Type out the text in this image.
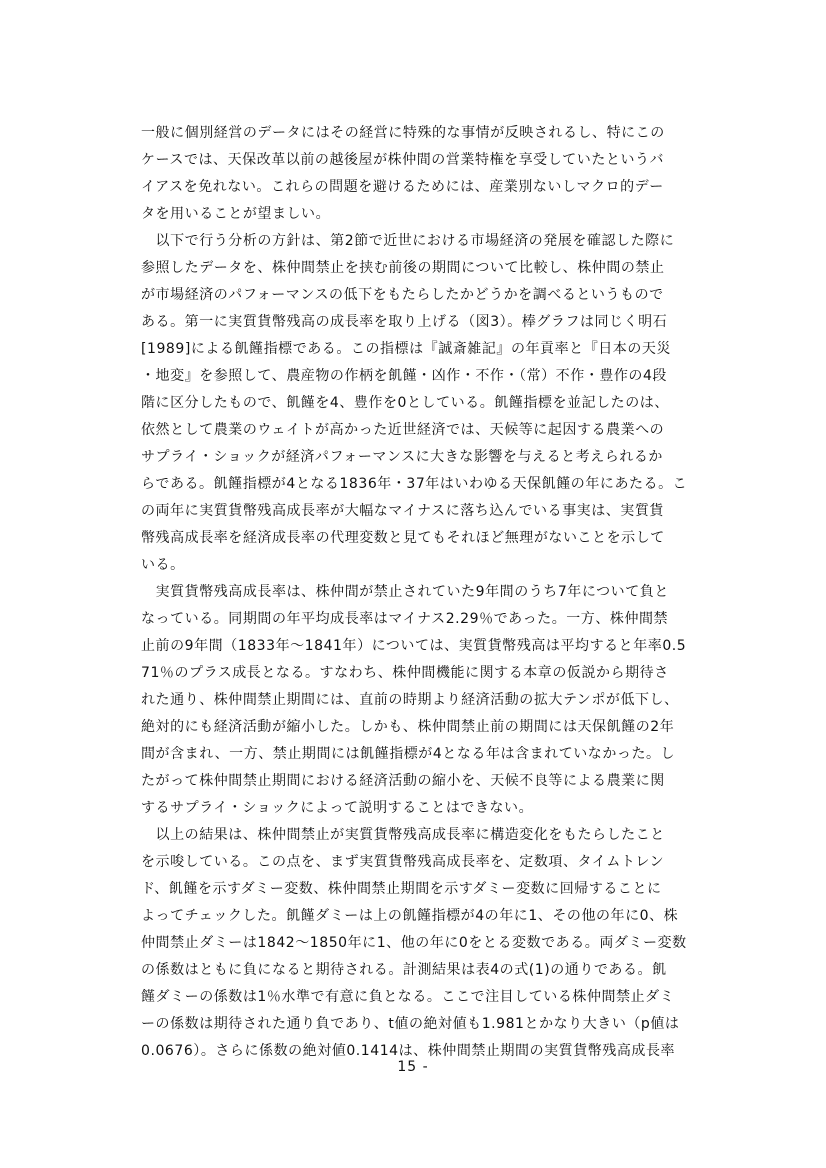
一般に個別経営のデータにはその経営に特殊的な事情が反映されるし、特にこの
ケースでは、天保改革以前の越後屋が株仲間の営業特権を享受していたというバ
イアスを免れない。これらの問題を避けるためには、産業別ないしマクロ的デー
タを用いることが望ましい。
　以下で行う分析の方針は、第2節で近世における市場経済の発展を確認した際に
参照したデータを、株仲間禁止を挟む前後の期間について比較し、株仲間の禁止
が市場経済のパフォーマンスの低下をもたらしたかどうかを調べるというもので
ある。第一に実質貨幣残高の成長率を取り上げる（図3）。棒グラフは同じく明石
[1989]による飢饉指標である。この指標は『誠斎雑記』の年貢率と『日本の天災
・地変』を参照して、農産物の作柄を飢饉・凶作・不作・（常）不作・豊作の4段
階に区分したもので、飢饉を4、豊作を0としている。飢饉指標を並記したのは、
依然として農業のウェイトが高かった近世経済では、天候等に起因する農業への
サプライ・ショックが経済パフォーマンスに大きな影響を与えると考えられるか
らである。飢饉指標が4となる1836年・37年はいわゆる天保飢饉の年にあたる。こ
の両年に実質貨幣残高成長率が大幅なマイナスに落ち込んでいる事実は、実質貨
幣残高成長率を経済成長率の代理変数と見てもそれほど無理がないことを示して
いる。
　実質貨幣残高成長率は、株仲間が禁止されていた9年間のうち7年について負と
なっている。同期間の年平均成長率はマイナス2.29％であった。一方、株仲間禁
止前の9年間（1833年～1841年）については、実質貨幣残高は平均すると年率0.5
71％のプラス成長となる。すなわち、株仲間機能に関する本章の仮説から期待さ
れた通り、株仲間禁止期間には、直前の時期より経済活動の拡大テンポが低下し、
絶対的にも経済活動が縮小した。しかも、株仲間禁止前の期間には天保飢饉の2年
間が含まれ、一方、禁止期間には飢饉指標が4となる年は含まれていなかった。し
たがって株仲間禁止期間における経済活動の縮小を、天候不良等による農業に関
するサプライ・ショックによって説明することはできない。
　以上の結果は、株仲間禁止が実質貨幣残高成長率に構造変化をもたらしたこと
を示唆している。この点を、まず実質貨幣残高成長率を、定数項、タイムトレン
ド、飢饉を示すダミー変数、株仲間禁止期間を示すダミー変数に回帰することに
よってチェックした。飢饉ダミーは上の飢饉指標が4の年に1、その他の年に0、株
仲間禁止ダミーは1842～1850年に1、他の年に0をとる変数である。両ダミー変数
の係数はともに負になると期待される。計測結果は表4の式(1)の通りである。飢
饉ダミーの係数は1％水準で有意に負となる。ここで注目している株仲間禁止ダミ
ーの係数は期待された通り負であり、t値の絶対値も1.981とかなり大きい（p値は
0.0676）。さらに係数の絶対値0.1414は、株仲間禁止期間の実質貨幣残高成長率
15 -
